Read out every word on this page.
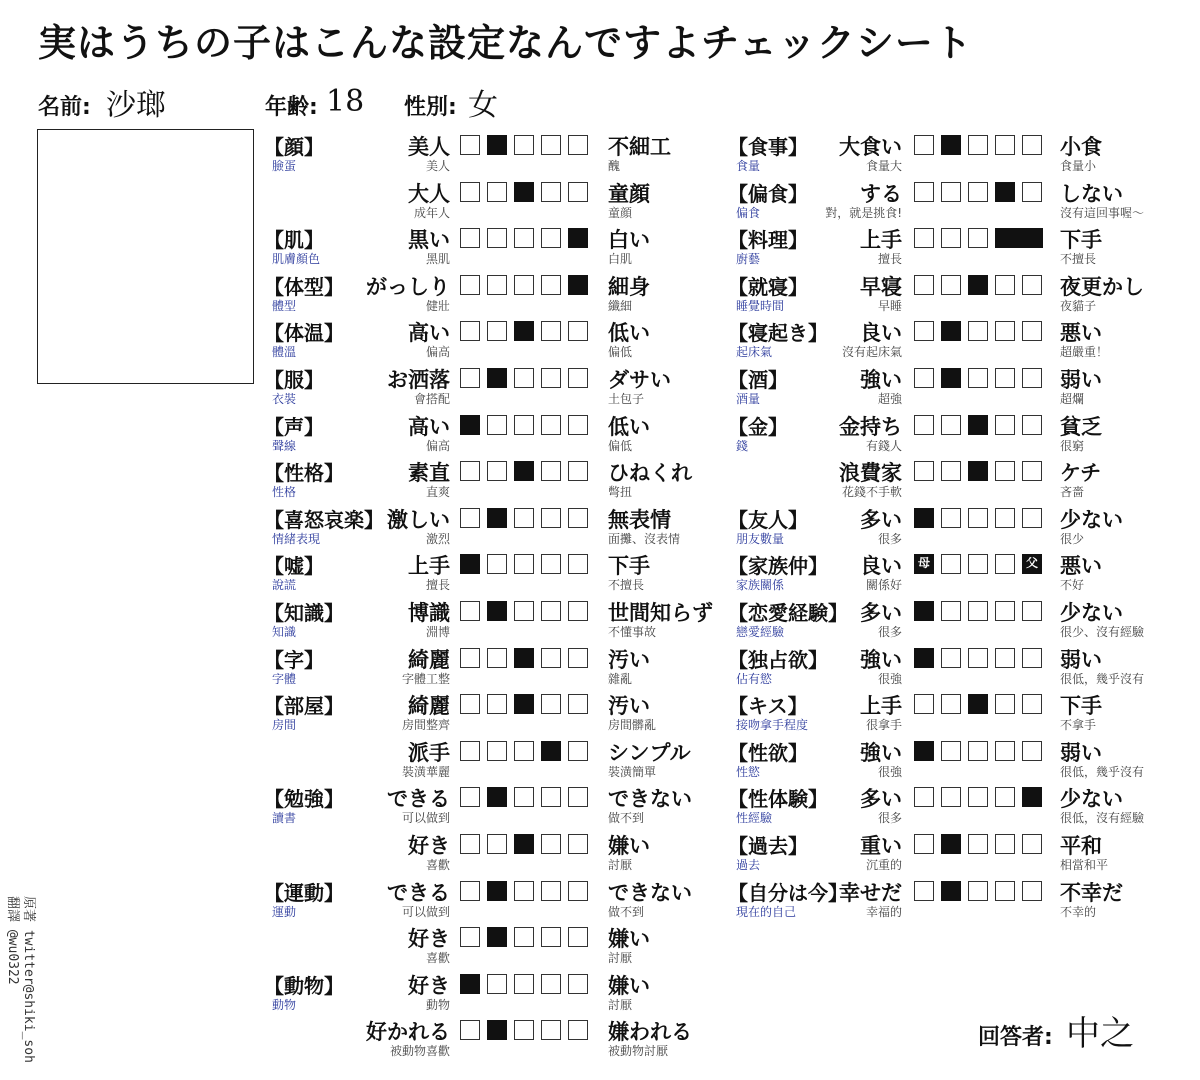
実はうちの子はこんな設定なんですよチェックシート
名前: 沙瑯	年齢: 18 性別: 女
【顔】
臉蛋
美人
美人
不細工
醜
大人
成年人
童顔
童顔
【肌】
肌膚顏色
黒い
黑肌
白い
白肌
【体型】
體型
がっしり
健壯
細身
纖細
【体温】
體溫
高い
偏高
低い
偏低
【服】
衣裝
お洒落
會搭配
ダサい
土包子
【声】
聲線
高い
偏高
低い
偏低
【性格】
性格
素直
直爽
ひねくれ
彆扭
【喜怒哀楽】
情緒表現
激しい
激烈
無表情
面攤、沒表情
【嘘】
說謊
上手
擅長
下手
不擅長
【知識】
知識
博識
淵博
世間知らず
不懂事故
【字】
字體
綺麗
字體工整
汚い
雜亂
【部屋】
房間
綺麗
房間整齊
汚い
房間髒亂
派手
裝潢華麗
シンプル
裝潢簡單
【勉強】
讀書
できる
可以做到
できない
做不到
好き
喜歡
嫌い
討厭
【運動】
運動
できる
可以做到
できない
做不到
好き
喜歡
嫌い
討厭
【動物】
動物
好き
動物
嫌い
討厭
好かれる
被動物喜歡
嫌われる
被動物討厭
【食事】
食量
大食い
食量大
小食
食量小
【偏食】
偏食
する
對，就是挑食!
しない
沒有這回事喔～
【料理】
廚藝
上手
擅長
下手
不擅長
【就寝】
睡覺時間
早寝
早睡
夜更かし
夜貓子
【寝起き】
起床氣
良い
沒有起床氣
悪い
超嚴重！
【酒】
酒量
強い
超強
弱い
超爛
【金】
錢
金持ち
有錢人
貧乏
很窮
浪費家
花錢不手軟
ケチ
吝嗇
【友人】
朋友數量
多い
很多
少ない
很少
【家族仲】
家族關係
良い
關係好
母	父 悪い
不好
【恋愛経験】
戀愛經驗
多い
很多
少ない
很少、沒有經驗
【独占欲】
佔有慾
強い
很強
弱い
很低，幾乎沒有
【キス】
接吻拿手程度
上手
很拿手
下手
不拿手
【性欲】
性慾
強い
很強
弱い
很低，幾乎沒有
【性体験】
性經驗
多い
很多
少ない
很低，沒有經驗
【過去】
過去
重い
沉重的
平和
相當和平
【自分は今】
現在的自己
幸せだ
幸福的
不幸だ
不幸的
原著 twitter@shiki_soh
翻譯 @wu0322
回答者: 中之
